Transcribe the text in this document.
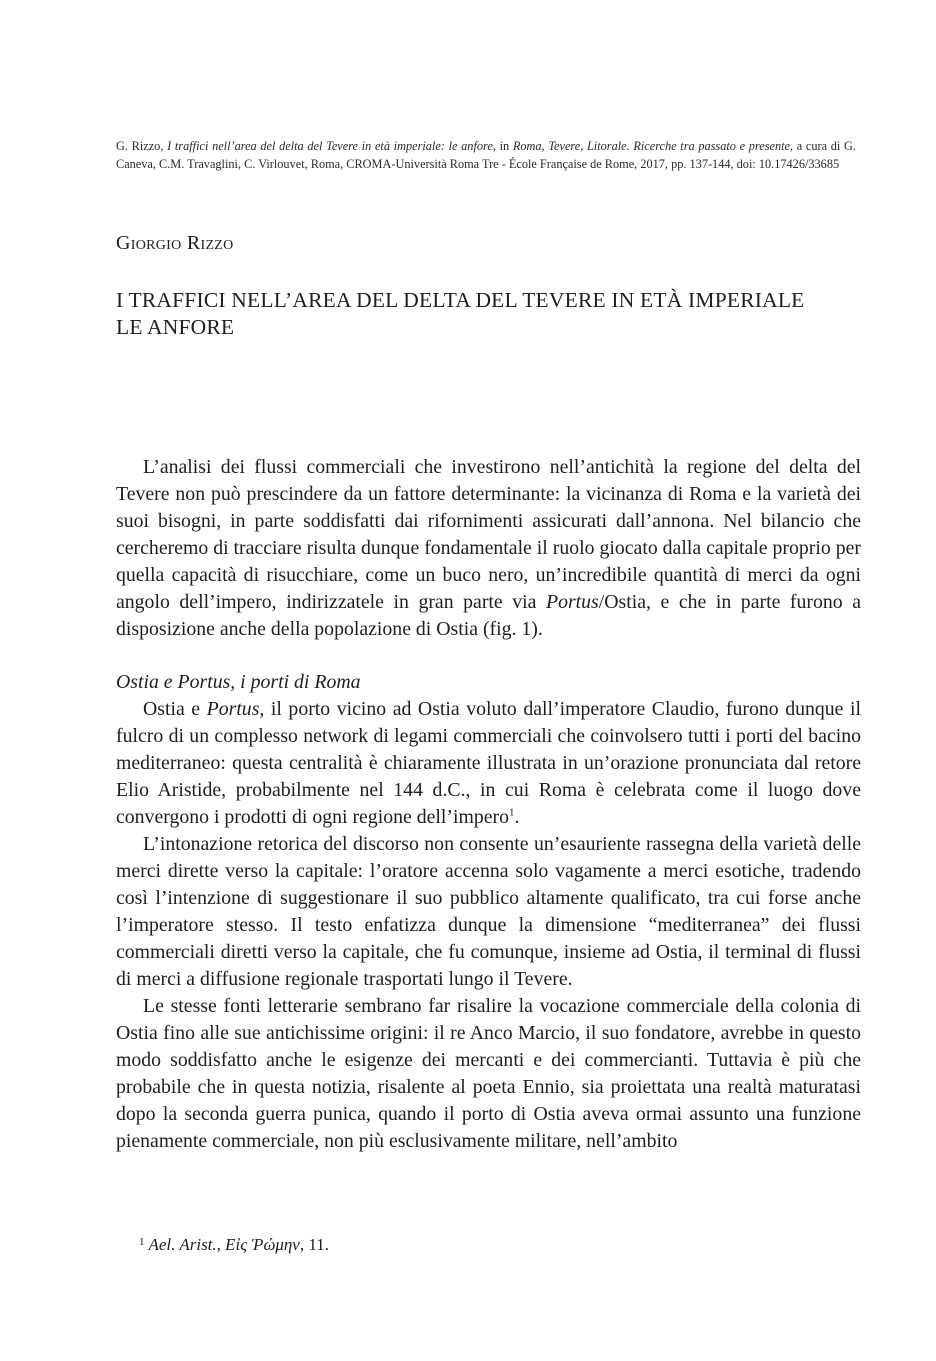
G. Rizzo, I traffici nell’area del delta del Tevere in età imperiale: le anfore, in Roma, Tevere, Litorale. Ricerche tra passato e presente, a cura di G. Caneva, C.M. Travaglini, C. Virlouvet, Roma, CROMA-Università Roma Tre - École Française de Rome, 2017, pp. 137-144, doi: 10.17426/33685
Giorgio Rizzo
I TRAFFICI NELL’AREA DEL DELTA DEL TEVERE IN ETÀ IMPERIALE
LE ANFORE

L’analisi dei flussi commerciali che investirono nell’antichità la regione del delta del Tevere non può prescindere da un fattore determinante: la vicinanza di Roma e la varietà dei suoi bisogni, in parte soddisfatti dai rifornimenti assicurati dall’annona. Nel bilancio che cercheremo di tracciare risulta dunque fondamentale il ruolo giocato dalla capitale proprio per quella capacità di risucchiare, come un buco nero, un’incredibile quantità di merci da ogni angolo dell’impero, indirizzatele in gran parte via Portus/Ostia, e che in parte furono a disposizione anche della popolazione di Ostia (fig. 1).

Ostia e Portus, i porti di Roma

Ostia e Portus, il porto vicino ad Ostia voluto dall’imperatore Claudio, furono dunque il fulcro di un complesso network di legami commerciali che coinvolsero tutti i porti del bacino mediterraneo: questa centralità è chiaramente illustrata in un’orazione pronunciata dal retore Elio Aristide, probabilmente nel 144 d.C., in cui Roma è celebrata come il luogo dove convergono i prodotti di ogni regione dell’impero$^1$.

L’intonazione retorica del discorso non consente un’esauriente rassegna della varietà delle merci dirette verso la capitale: l’oratore accenna solo vagamente a merci esotiche, tradendo così l’intenzione di suggestionare il suo pubblico altamente qualificato, tra cui forse anche l’imperatore stesso. Il testo enfatizza dunque la dimensione “mediterranea” dei flussi commerciali diretti verso la capitale, che fu comunque, insieme ad Ostia, il terminal di flussi di merci a diffusione regionale trasportati lungo il Tevere.

Le stesse fonti letterarie sembrano far risalire la vocazione commerciale della colonia di Ostia fino alle sue antichissime origini: il re Anco Marcio, il suo fondatore, avrebbe in questo modo soddisfatto anche le esigenze dei mercanti e dei commercianti. Tuttavia è più che probabile che in questa notizia, risalente al poeta Ennio, sia proiettata una realtà maturatasi dopo la seconda guerra punica, quando il porto di Ostia aveva ormai assunto una funzione pienamente commerciale, non più esclusivamente militare, nell’ambito

$^1$ Ael. Arist., Εἰς Ῥώμην, 11.
